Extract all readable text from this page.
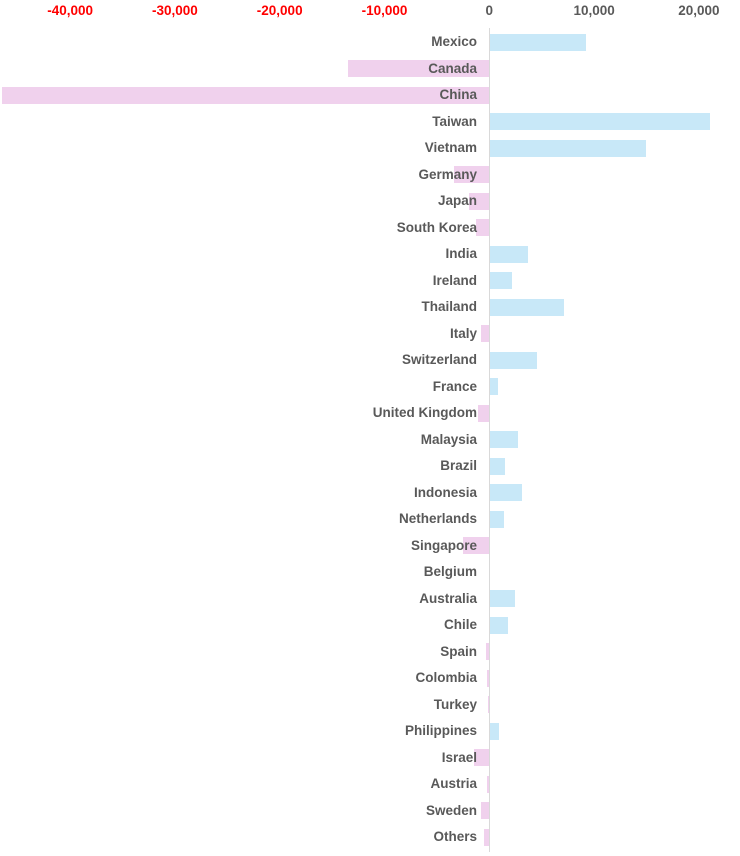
-40,000	-30,000	-20,000	-10,000	0	10,000	20,000
Mexico
Canada
China
Taiwan
Vietnam
Germany
Japan
South Korea
India
Ireland
Thailand
Italy
Switzerland
France
United Kingdom
Malaysia
Brazil
Indonesia
Netherlands
Singapore
Belgium
Australia
Chile
Spain
Colombia
Turkey
Philippines
Israel
Austria
Sweden
Others
